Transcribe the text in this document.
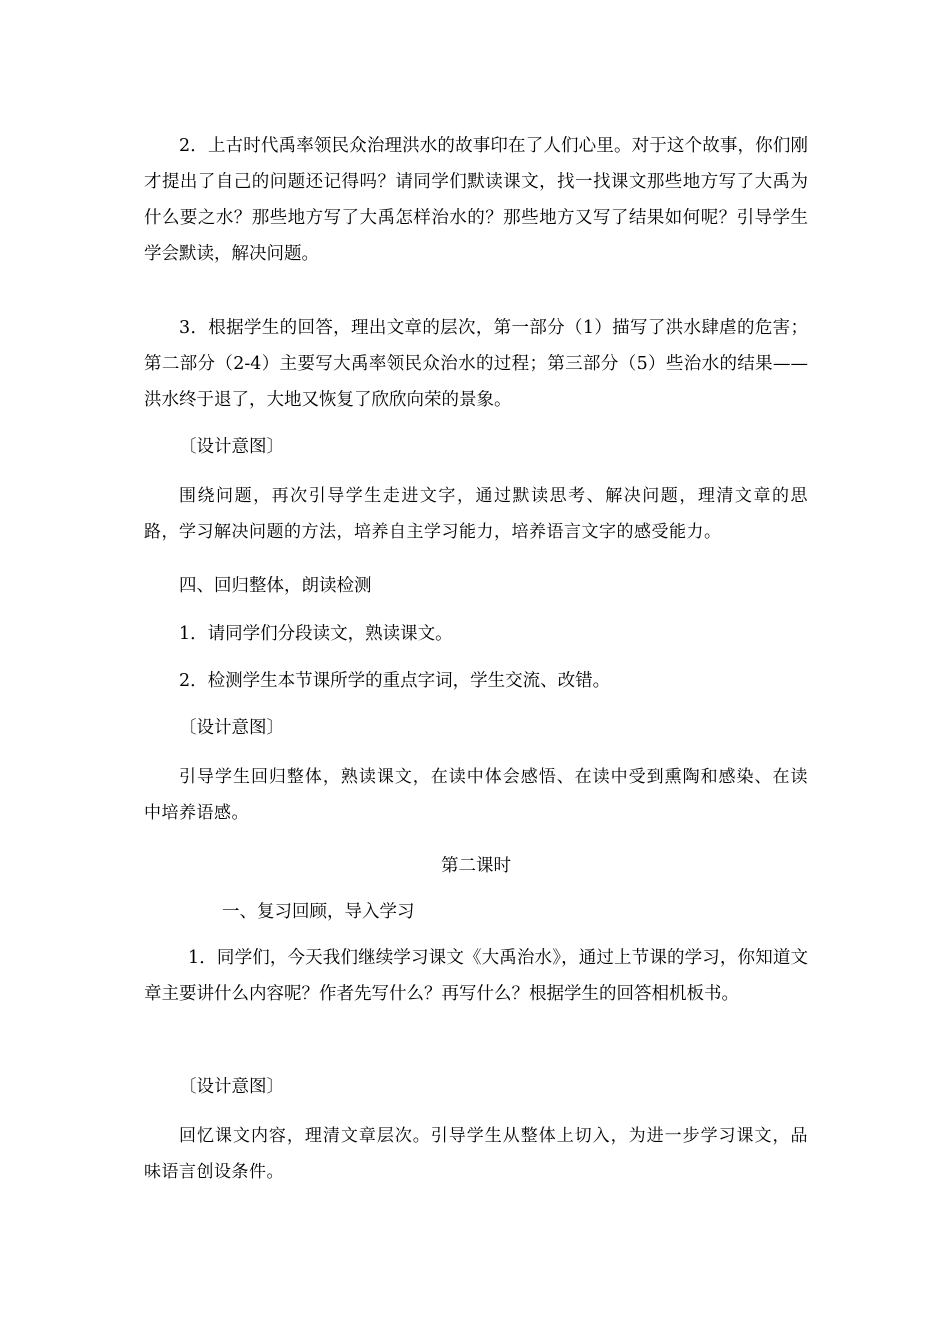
2．上古时代禹率领民众治理洪水的故事印在了人们心里。对于这个故事，你们刚才提出了自己的问题还记得吗？请同学们默读课文，找一找课文那些地方写了大禹为什么要之水？那些地方写了大禹怎样治水的？那些地方又写了结果如何呢？引导学生学会默读，解决问题。

3．根据学生的回答，理出文章的层次，第一部分（1）描写了洪水肆虐的危害；第二部分（2-4）主要写大禹率领民众治水的过程；第三部分（5）些治水的结果——洪水终于退了，大地又恢复了欣欣向荣的景象。

〔设计意图〕

围绕问题，再次引导学生走进文字，通过默读思考、解决问题，理清文章的思路，学习解决问题的方法，培养自主学习能力，培养语言文字的感受能力。

四、回归整体，朗读检测

1．请同学们分段读文，熟读课文。

2．检测学生本节课所学的重点字词，学生交流、改错。

〔设计意图〕

引导学生回归整体，熟读课文，在读中体会感悟、在读中受到熏陶和感染、在读中培养语感。

第二课时

一、复习回顾，导入学习

1．同学们，今天我们继续学习课文《大禹治水》，通过上节课的学习，你知道文章主要讲什么内容呢？作者先写什么？再写什么？根据学生的回答相机板书。

〔设计意图〕

回忆课文内容，理清文章层次。引导学生从整体上切入，为进一步学习课文，品味语言创设条件。
